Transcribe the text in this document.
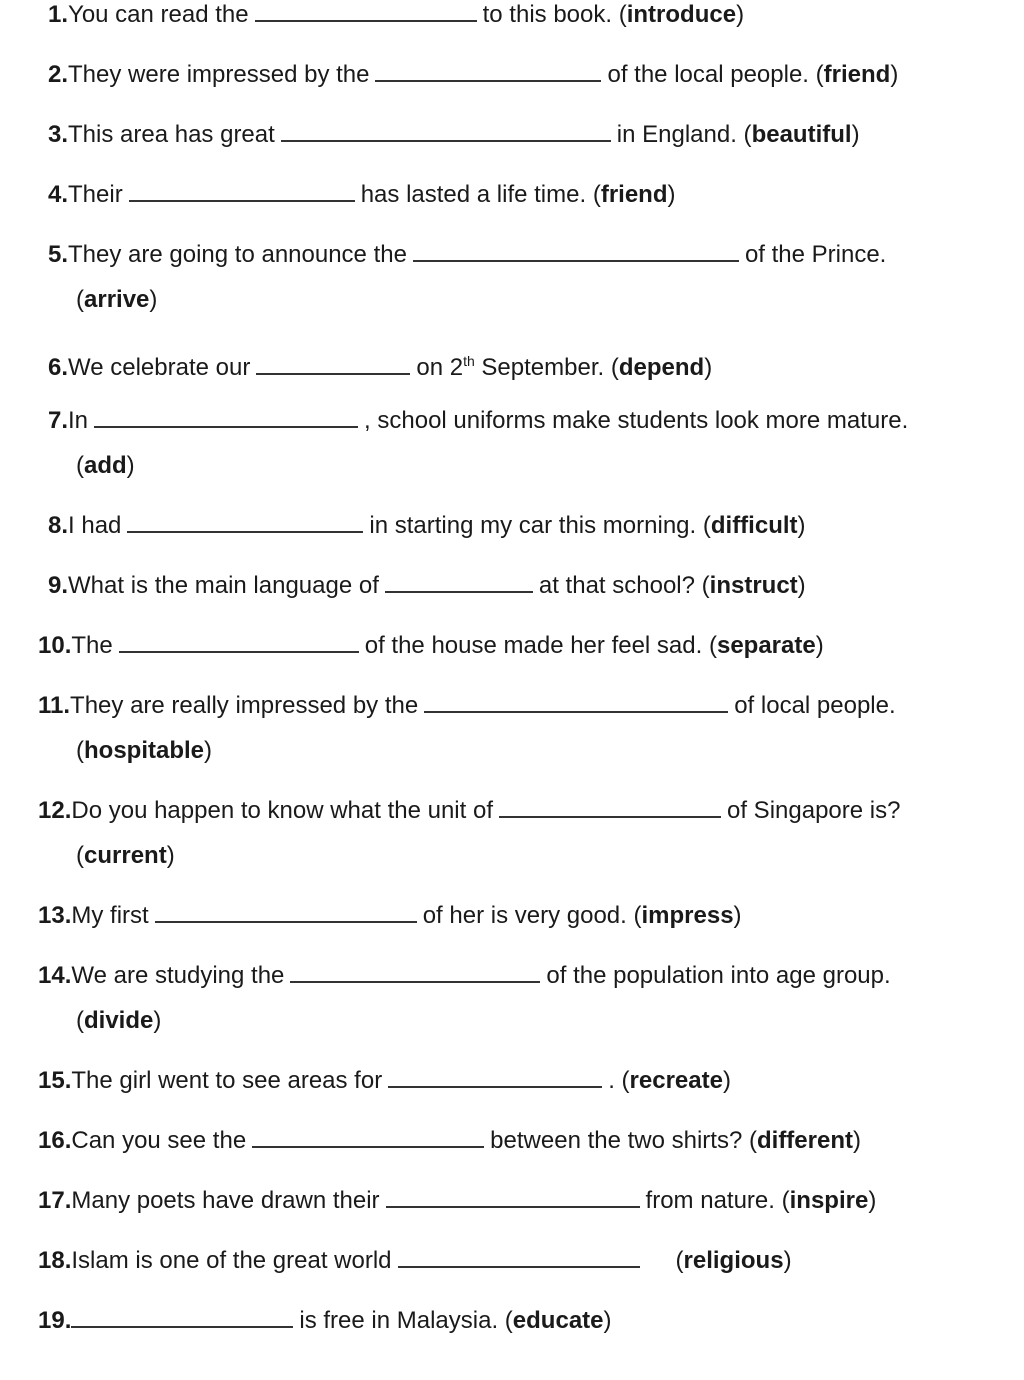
1.You can read the	to this book. (introduce)
2.They were impressed by the	of the local people. (friend)
3.This area has great	in England. (beautiful)
4.Their	has lasted a life time. (friend)
5.They are going to announce the	of the Prince.
(arrive)
6.We celebrate our	on 2th September. (depend)
7.In	, school uniforms make students look more mature.
(add)
8.I had	in starting my car this morning. (difficult)
9.What is the main language of	at that school? (instruct)
10.The	of the house made her feel sad. (separate)
11.They are really impressed by the	of local people.
(hospitable)
12.Do you happen to know what the unit of	of Singapore is?
(current)
13.My first	of her is very good. (impress)
14.We are studying the	of the population into age group.
(divide)
15.The girl went to see areas for	. (recreate)
16.Can you see the	between the two shirts? (different)
17.Many poets have drawn their	from nature. (inspire)
18.Islam is one of the great world	(religious)
19.	is free in Malaysia. (educate)
